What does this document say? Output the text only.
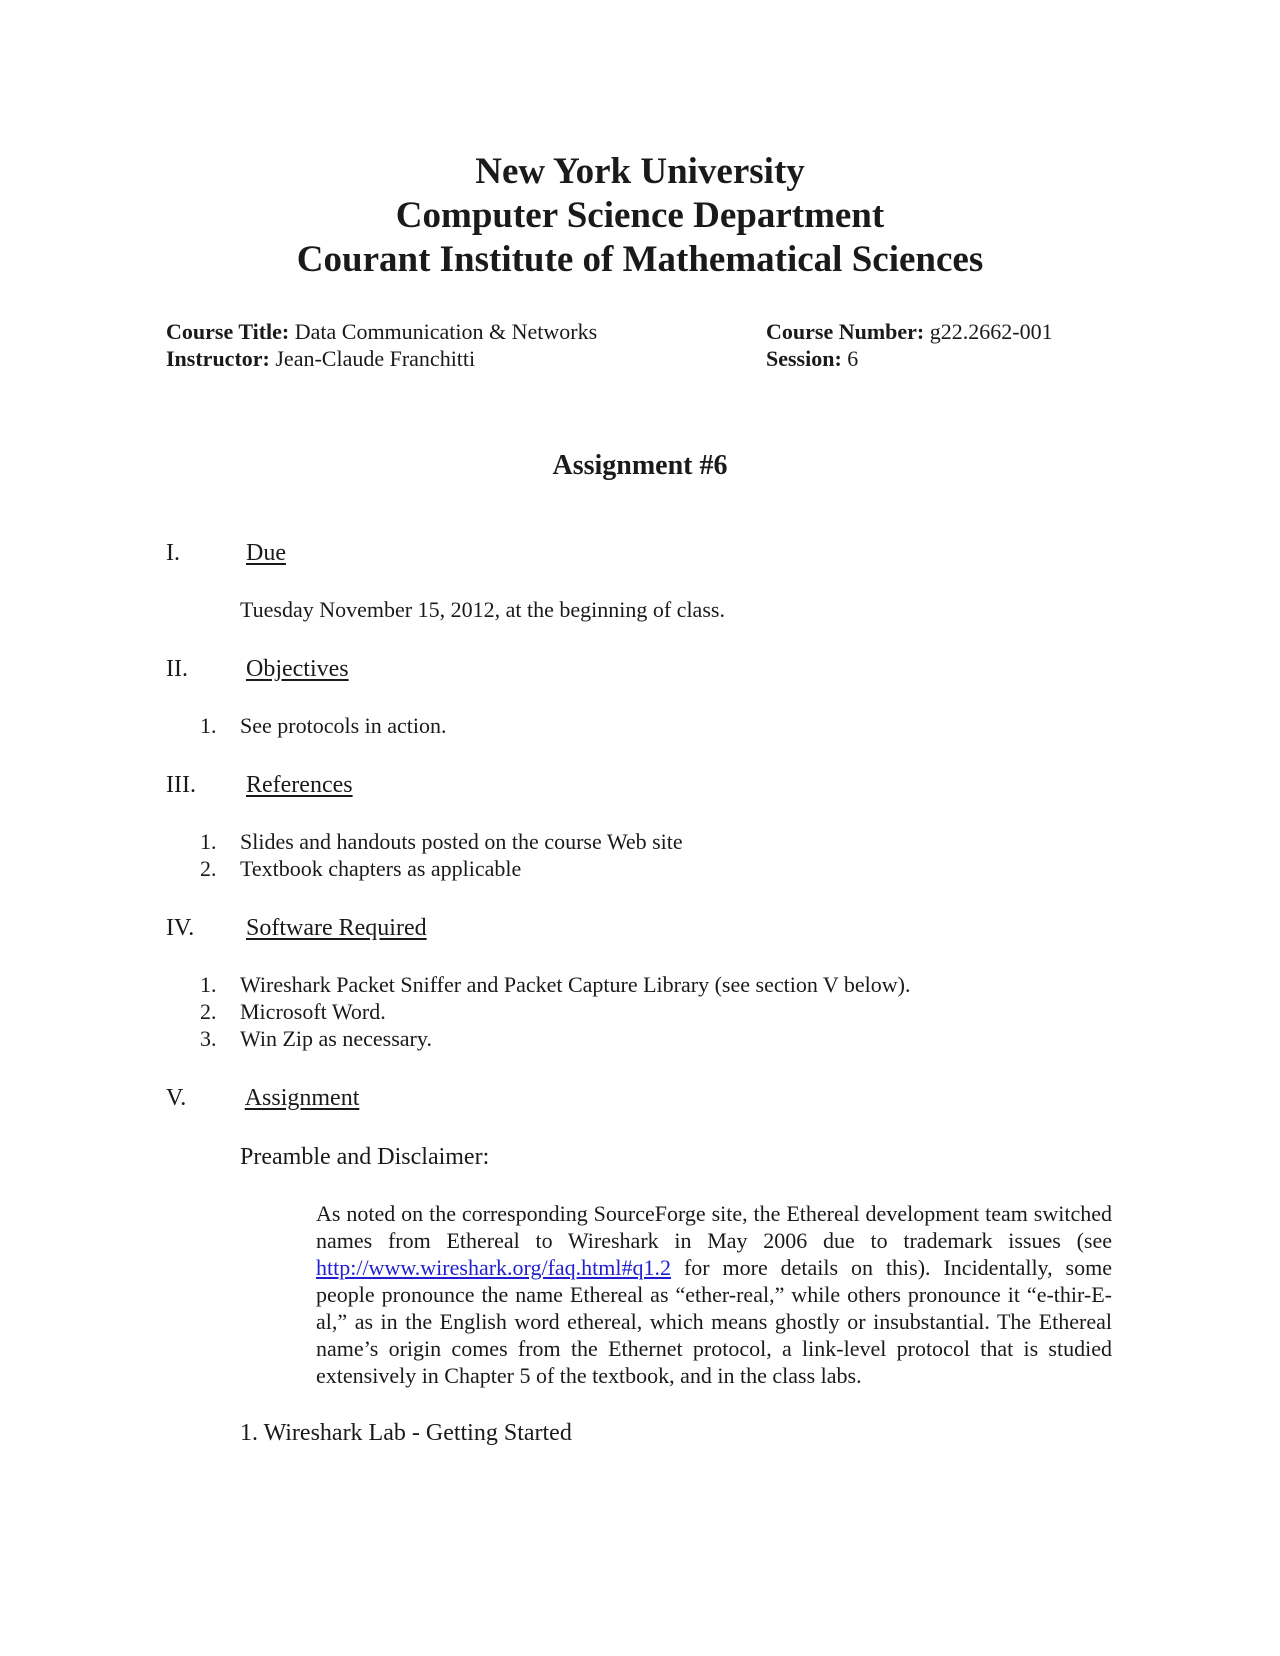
New York University
Computer Science Department
Courant Institute of Mathematical Sciences
Course Title: Data Communication & Networks
Instructor: Jean-Claude Franchitti
Course Number: g22.2662-001
Session: 6
Assignment #6
I.	Due
Tuesday November 15, 2012, at the beginning of class.
II. Objectives
1. See protocols in action.
III. References
1. Slides and handouts posted on the course Web site
2. Textbook chapters as applicable
IV. Software Required
1. Wireshark Packet Sniffer and Packet Capture Library (see section V below).
2. Microsoft Word.
3. Win Zip as necessary.
V. Assignment
Preamble and Disclaimer:
As noted on the corresponding SourceForge site, the Ethereal development team switched names from Ethereal to Wireshark in May 2006 due to trademark issues (see http://www.wireshark.org/faq.html#q1.2 for more details on this). Incidentally, some people pronounce the name Ethereal as “ether-real,” while others pronounce it “e-thir-E-al,” as in the English word ethereal, which means ghostly or insubstantial. The Ethereal name’s origin comes from the Ethernet protocol, a link-level protocol that is studied extensively in Chapter 5 of the textbook, and in the class labs.
1. Wireshark Lab - Getting Started
